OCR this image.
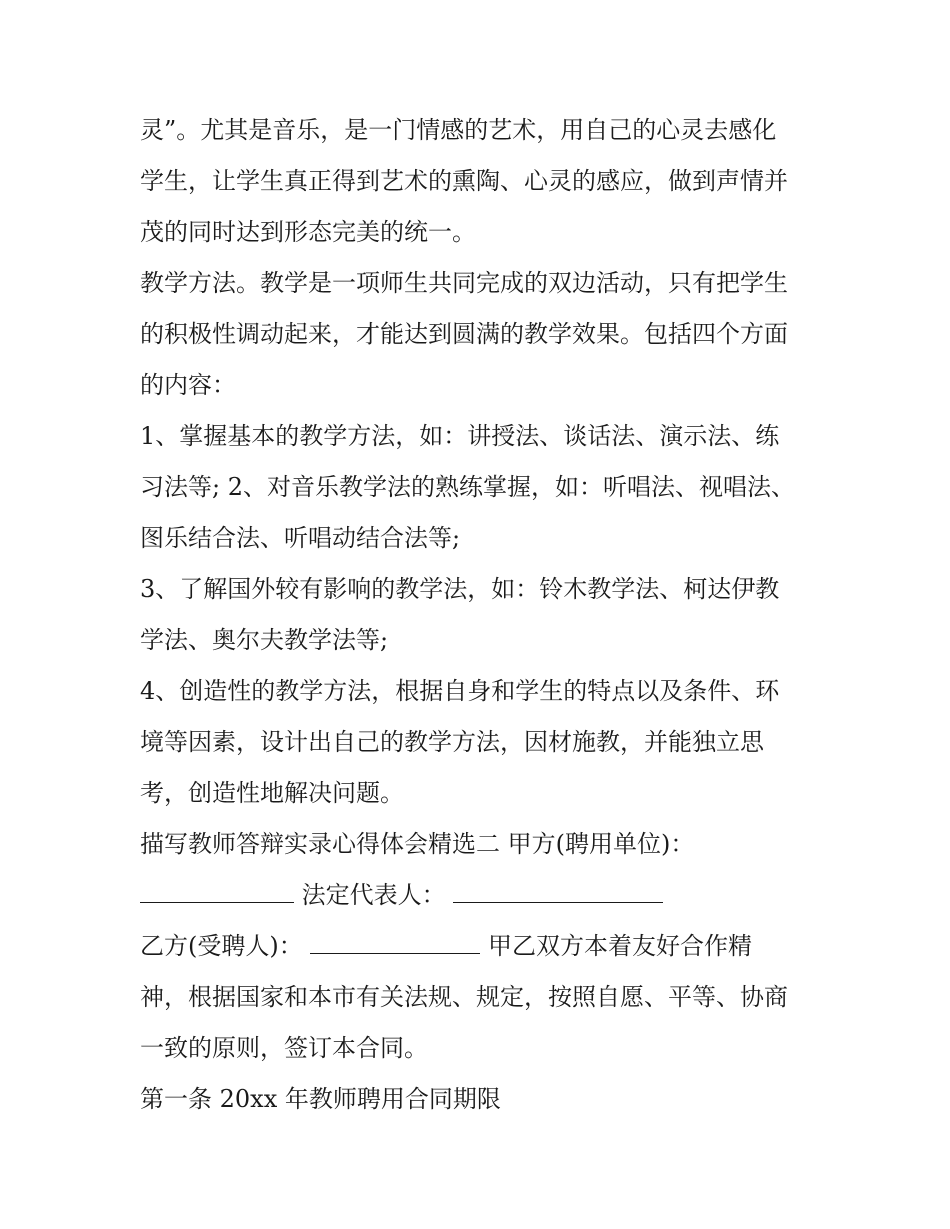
灵”。尤其是音乐，是一门情感的艺术，用自己的心灵去感化
学生，让学生真正得到艺术的熏陶、心灵的感应，做到声情并
茂的同时达到形态完美的统一。
教学方法。教学是一项师生共同完成的双边活动，只有把学生
的积极性调动起来，才能达到圆满的教学效果。包括四个方面
的内容：
1、掌握基本的教学方法，如：讲授法、谈话法、演示法、练
习法等; 2、对音乐教学法的熟练掌握，如：听唱法、视唱法、
图乐结合法、听唱动结合法等;
3、了解国外较有影响的教学法，如：铃木教学法、柯达伊教
学法、奥尔夫教学法等;
4、创造性的教学方法，根据自身和学生的特点以及条件、环
境等因素，设计出自己的教学方法，因材施教，并能独立思
考，创造性地解决问题。
描写教师答辩实录心得体会精选二 甲方(聘用单位)：
法定代表人：
乙方(受聘人)：	甲乙双方本着友好合作精
神，根据国家和本市有关法规、规定，按照自愿、平等、协商
一致的原则，签订本合同。
第一条 20xx 年教师聘用合同期限
